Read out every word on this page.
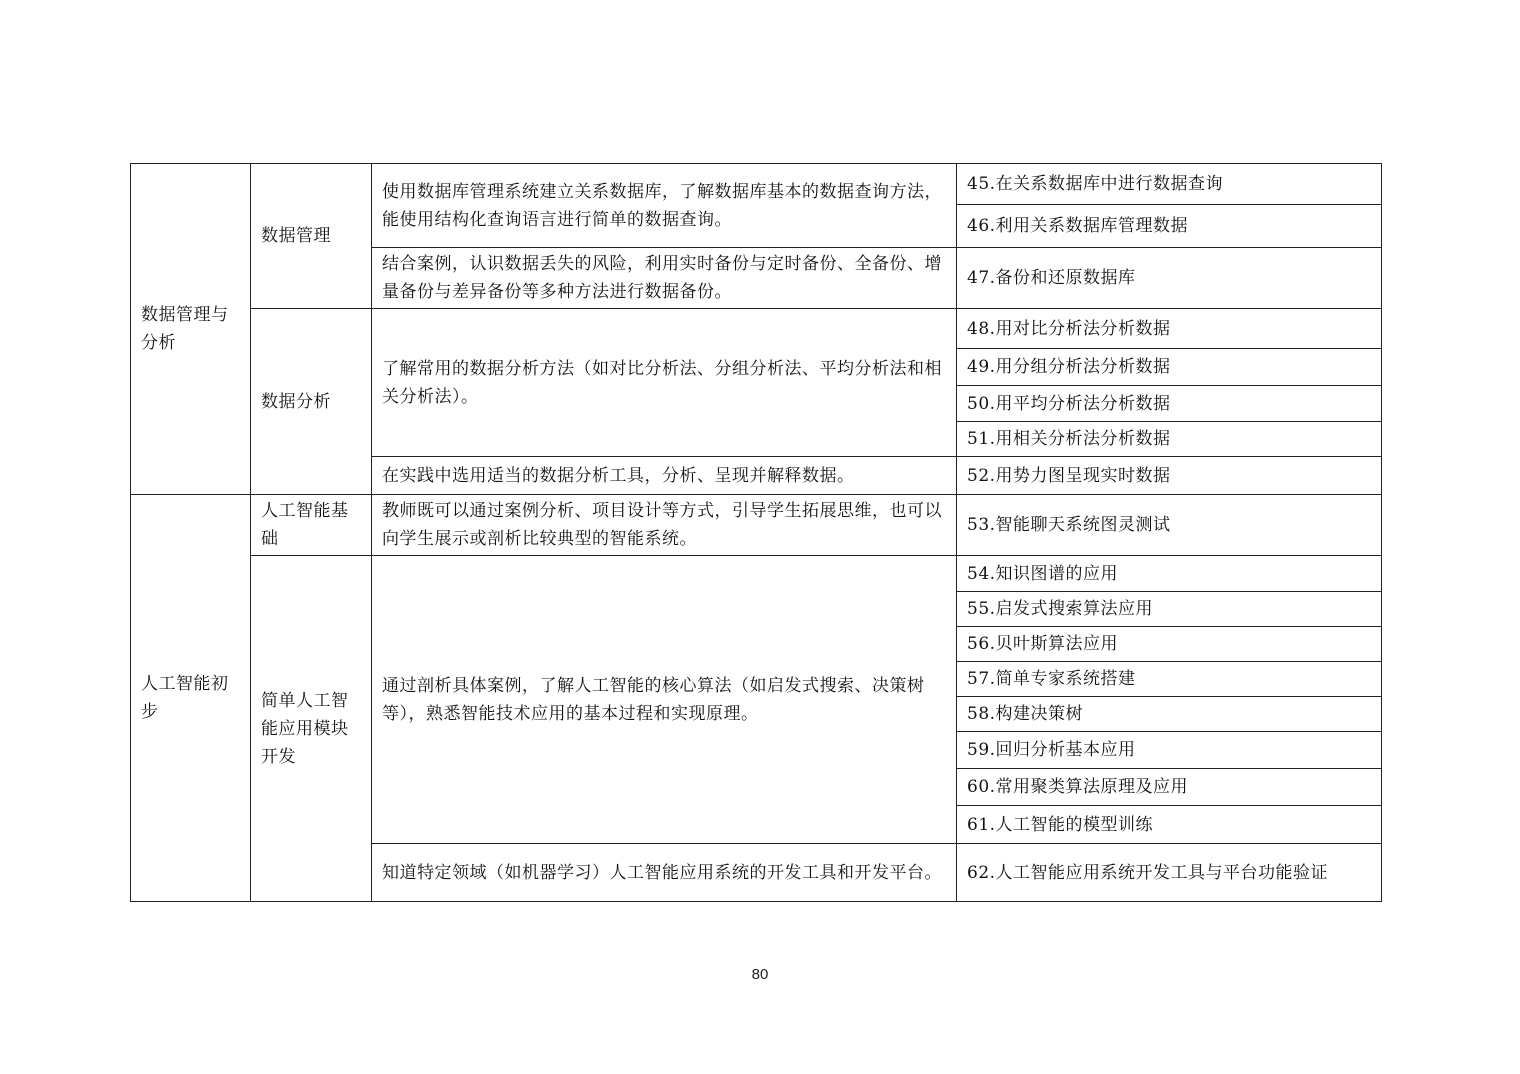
数据管理与分析	数据管理	使用数据库管理系统建立关系数据库，了解数据库基本的数据查询方法，能使用结构化查询语言进行简单的数据查询。	45.在关系数据库中进行数据查询
			46.利用关系数据库管理数据
		结合案例，认识数据丢失的风险，利用实时备份与定时备份、全备份、增量备份与差异备份等多种方法进行数据备份。	47.备份和还原数据库
	数据分析	了解常用的数据分析方法（如对比分析法、分组分析法、平均分析法和相关分析法）。	48.用对比分析法分析数据
			49.用分组分析法分析数据
			50.用平均分析法分析数据
			51.用相关分析法分析数据
		在实践中选用适当的数据分析工具，分析、呈现并解释数据。	52.用势力图呈现实时数据
人工智能初步	人工智能基础	教师既可以通过案例分析、项目设计等方式，引导学生拓展思维，也可以向学生展示或剖析比较典型的智能系统。	53.智能聊天系统图灵测试
	简单人工智能应用模块开发	通过剖析具体案例，了解人工智能的核心算法（如启发式搜索、决策树等），熟悉智能技术应用的基本过程和实现原理。	54.知识图谱的应用
			55.启发式搜索算法应用
			56.贝叶斯算法应用
			57.简单专家系统搭建
			58.构建决策树
			59.回归分析基本应用
			60.常用聚类算法原理及应用
			61.人工智能的模型训练
		知道特定领域（如机器学习）人工智能应用系统的开发工具和开发平台。	62.人工智能应用系统开发工具与平台功能验证
80
